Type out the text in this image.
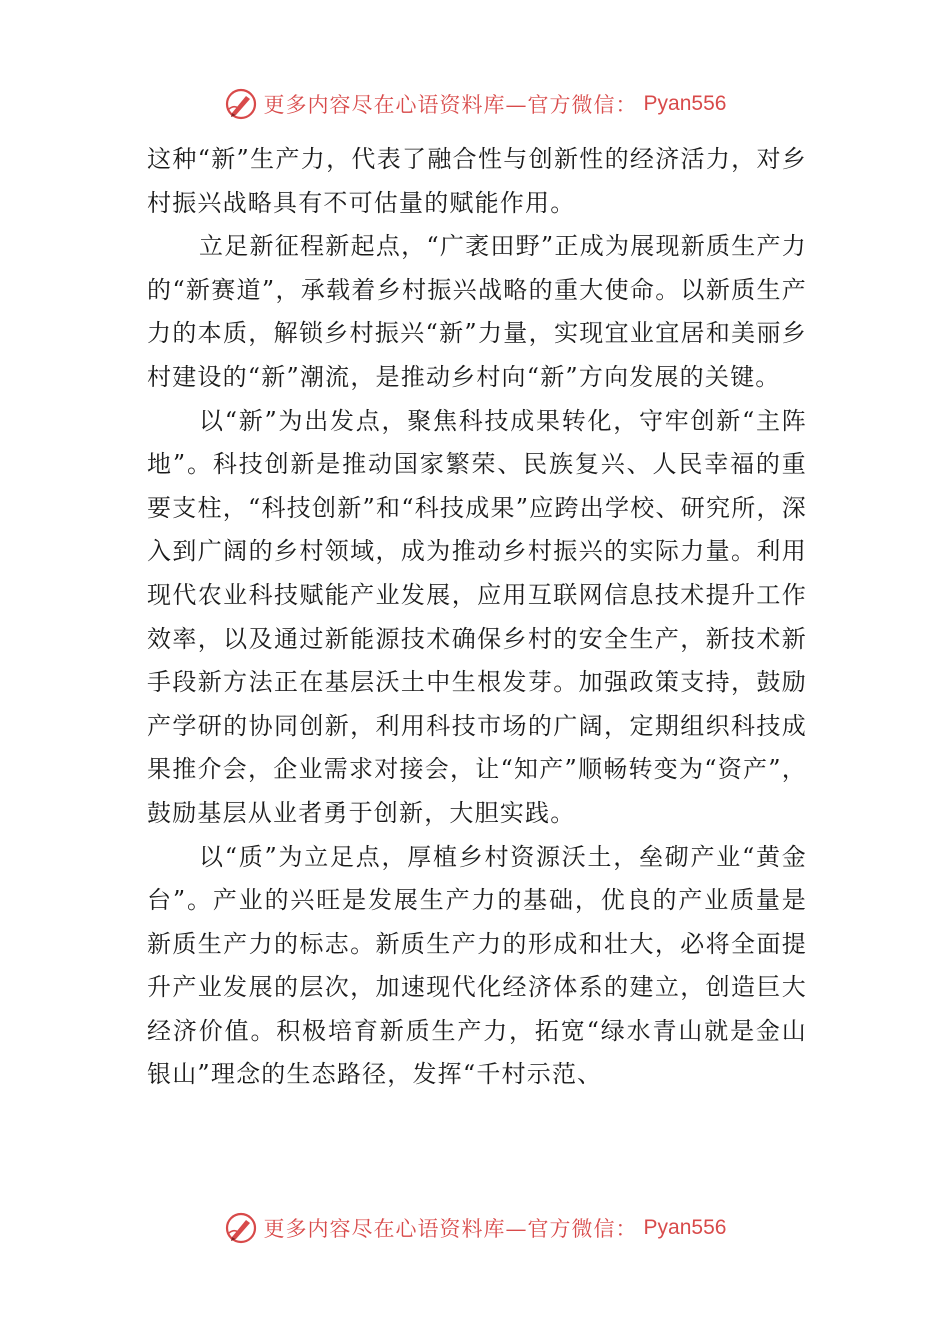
更多内容尽在心语资料库—官方微信： Pyan556

这种“新”生产力，代表了融合性与创新性的经济活力，对乡村振兴战略具有不可估量的赋能作用。

立足新征程新起点，“广袤田野”正成为展现新质生产力的“新赛道”，承载着乡村振兴战略的重大使命。以新质生产力的本质，解锁乡村振兴“新”力量，实现宜业宜居和美丽乡村建设的“新”潮流，是推动乡村向“新”方向发展的关键。

以“新”为出发点，聚焦科技成果转化，守牢创新“主阵地”。科技创新是推动国家繁荣、民族复兴、人民幸福的重要支柱，“科技创新”和“科技成果”应跨出学校、研究所，深入到广阔的乡村领域，成为推动乡村振兴的实际力量。利用现代农业科技赋能产业发展，应用互联网信息技术提升工作效率，以及通过新能源技术确保乡村的安全生产，新技术新手段新方法正在基层沃土中生根发芽。加强政策支持，鼓励产学研的协同创新，利用科技市场的广阔，定期组织科技成果推介会，企业需求对接会，让“知产”顺畅转变为“资产”，鼓励基层从业者勇于创新，大胆实践。

以“质”为立足点，厚植乡村资源沃土，垒砌产业“黄金台”。产业的兴旺是发展生产力的基础，优良的产业质量是新质生产力的标志。新质生产力的形成和壮大，必将全面提升产业发展的层次，加速现代化经济体系的建立，创造巨大经济价值。积极培育新质生产力，拓宽“绿水青山就是金山银山”理念的生态路径，发挥“千村示范、

更多内容尽在心语资料库—官方微信： Pyan556
